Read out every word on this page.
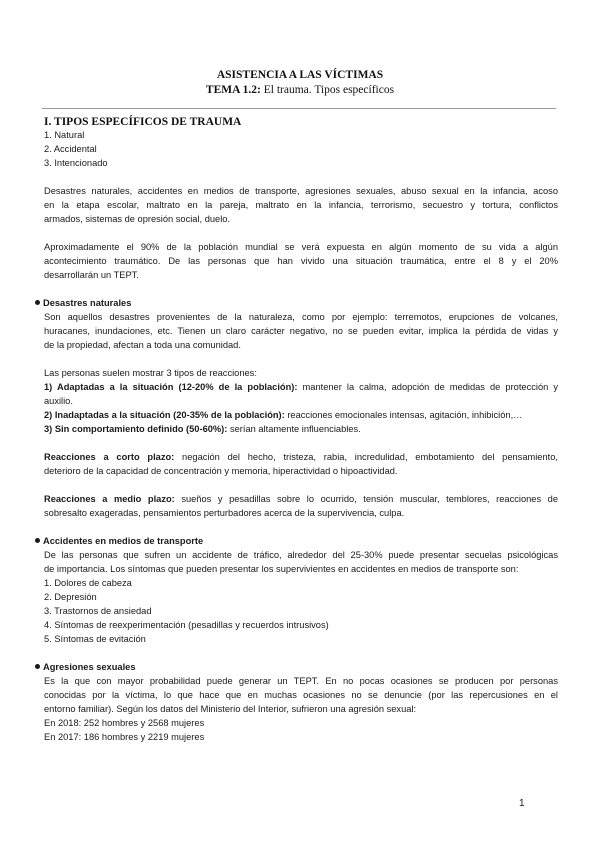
ASISTENCIA A LAS VÍCTIMAS
TEMA 1.2: El trauma. Tipos específicos
I. TIPOS ESPECÍFICOS DE TRAUMA
1. Natural
2. Accidental
3. Intencionado
Desastres naturales, accidentes en medios de transporte, agresiones sexuales, abuso sexual en la infancia, acoso
en la etapa escolar, maltrato en la pareja, maltrato en la infancia, terrorismo, secuestro y tortura, conflictos
armados, sistemas de opresión social, duelo.
Aproximadamente el 90% de la población mundial se verá expuesta en algún momento de su vida a algún
acontecimiento traumático. De las personas que han vivido una situación traumática, entre el 8 y el 20%
desarrollarán un TEPT.
Desastres naturales
Son aquellos desastres provenientes de la naturaleza, como por ejemplo: terremotos, erupciones de volcanes,
huracanes, inundaciones, etc. Tienen un claro carácter negativo, no se pueden evitar, implica la pérdida de vidas y
de la propiedad, afectan a toda una comunidad.
Las personas suelen mostrar 3 tipos de reacciones:
1) Adaptadas a la situación (12-20% de la población): mantener la calma, adopción de medidas de protección y
auxilio.
2) Inadaptadas a la situación (20-35% de la población): reacciones emocionales intensas, agitación, inhibición,…
3) Sin comportamiento definido (50-60%): serían altamente influenciables.
Reacciones a corto plazo: negación del hecho, tristeza, rabia, incredulidad, embotamiento del pensamiento,
deterioro de la capacidad de concentración y memoria, hiperactividad o hipoactividad.
Reacciones a medio plazo: sueños y pesadillas sobre lo ocurrido, tensión muscular, temblores, reacciones de
sobresalto exageradas, pensamientos perturbadores acerca de la supervivencia, culpa.
Accidentes en medios de transporte
De las personas que sufren un accidente de tráfico, alrededor del 25-30% puede presentar secuelas psicológicas
de importancia. Los síntomas que pueden presentar los supervivientes en accidentes en medios de transporte son:
1. Dolores de cabeza
2. Depresión
3. Trastornos de ansiedad
4. Síntomas de reexperimentación (pesadillas y recuerdos intrusivos)
5. Síntomas de evitación
Agresiones sexuales
Es la que con mayor probabilidad puede generar un TEPT. En no pocas ocasiones se producen por personas
conocidas por la víctima, lo que hace que en muchas ocasiones no se denuncie (por las repercusiones en el
entorno familiar). Según los datos del Ministerio del Interior, sufrieron una agresión sexual:
En 2018: 252 hombres y 2568 mujeres
En 2017: 186 hombres y 2219 mujeres
1
